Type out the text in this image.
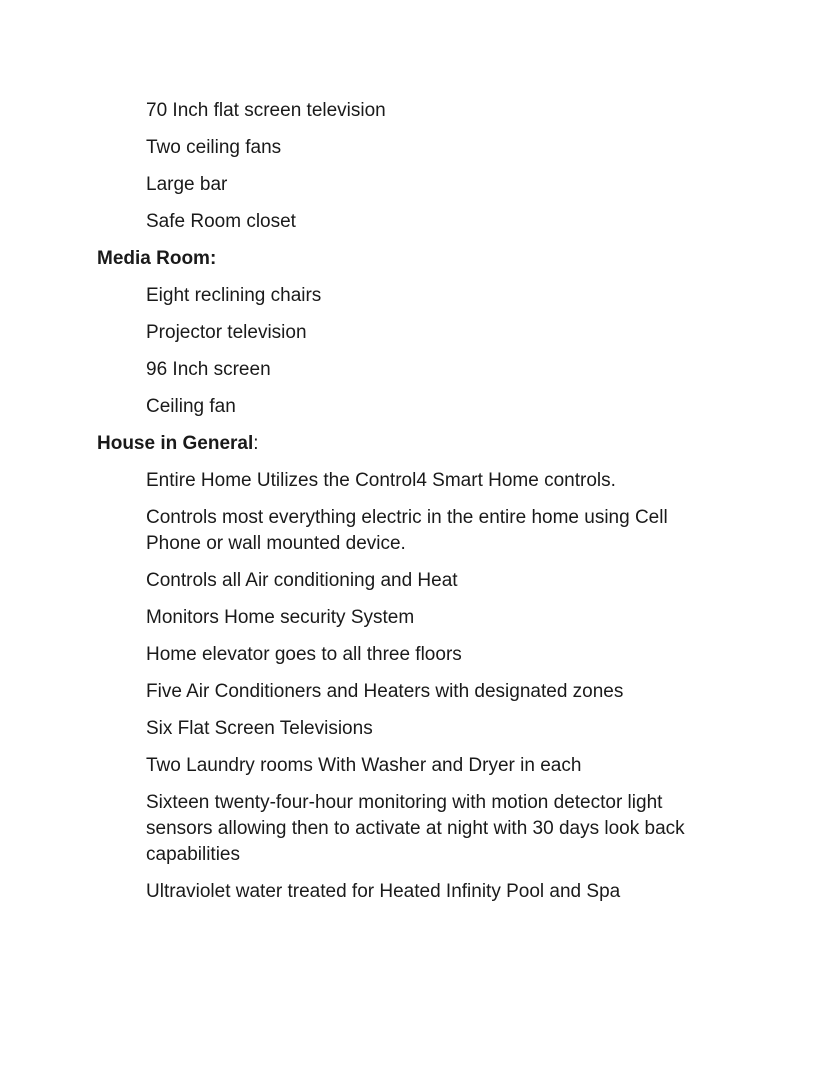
70 Inch flat screen television
Two ceiling fans
Large bar
Safe Room closet
Media Room:
Eight reclining chairs
Projector television
96 Inch screen
Ceiling fan
House in General:
Entire Home Utilizes the Control4 Smart Home controls.
Controls most everything electric in the entire home using Cell
Phone or wall mounted device.
Controls all Air conditioning and Heat
Monitors Home security System
Home elevator goes to all three floors
Five Air Conditioners and Heaters with designated zones
Six Flat Screen Televisions
Two Laundry rooms With Washer and Dryer in each
Sixteen twenty-four-hour monitoring with motion detector light
sensors allowing then to activate at night with 30 days look back
capabilities
Ultraviolet water treated for Heated Infinity Pool and Spa
